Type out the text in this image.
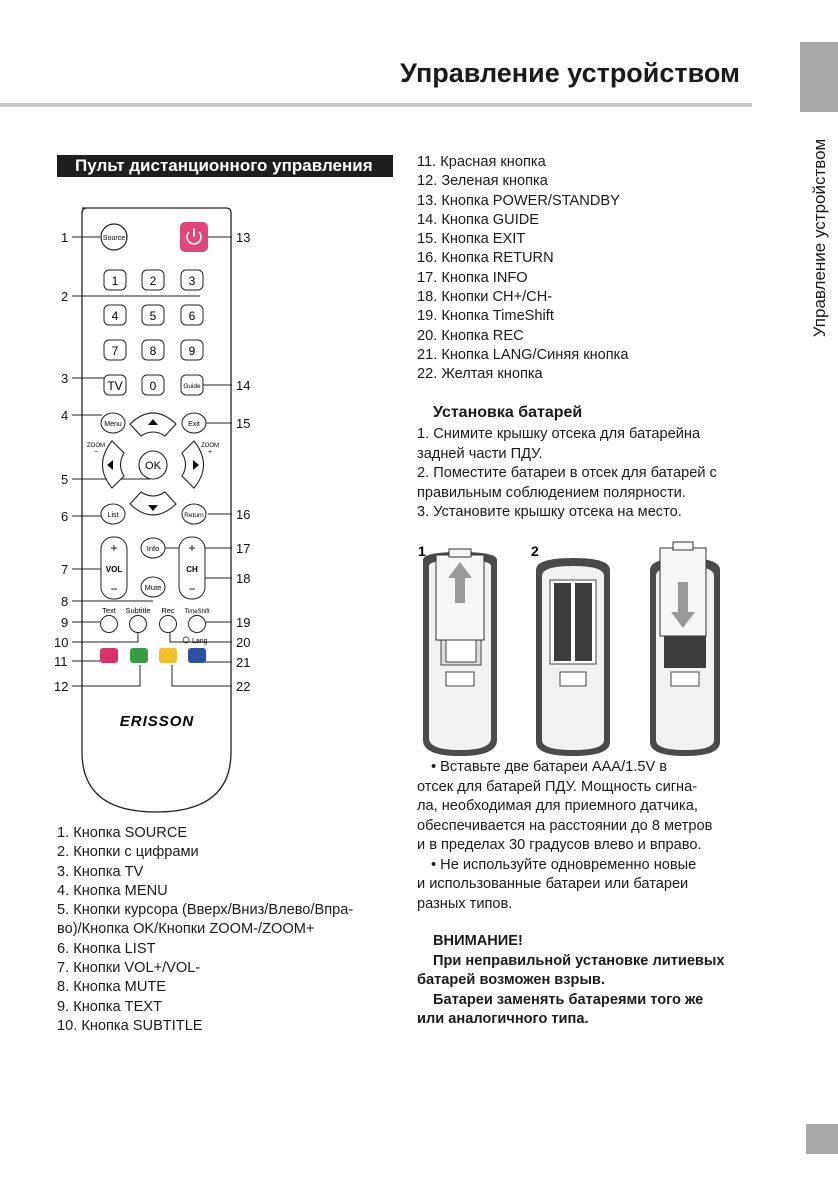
Управление устройством
Управление устройством
Пульт дистанционного управления
1
2
3
4
5
6
7
8
9
10
11
12
13
14
15
16
17
18
19
20
21
22
Source
1	2	3
4	5	6
7	8	9
TV 0	Guide
Menu	Exit
OK
ZOOM
−
ZOOM
+
List	Return
+
VOL
−
+
CH
−
Info
Mute
Text Subtitle Rec TimeShift
Lang
ERISSON
1. Кнопка SOURCE
2. Кнопки с цифрами
3. Кнопка TV
4. Кнопка MENU
5. Кнопки курсора (Вверх/Вниз/Влево/Впра-
во)/Кнопка OK/Кнопки ZOOM-/ZOOM+
6. Кнопка LIST
7. Кнопки VOL+/VOL-
8. Кнопка MUTE
9. Кнопка TEXT
10. Кнопка SUBTITLE
11. Красная кнопка
12. Зеленая кнопка
13. Кнопка POWER/STANDBY
14. Кнопка GUIDE
15. Кнопка EXIT
16. Кнопка RETURN
17. Кнопка INFO
18. Кнопки CH+/CH-
19. Кнопка TimeShift
20. Кнопка REC
21. Кнопка LANG/Синяя кнопка
22. Желтая кнопка
Установка батарей

1. Снимите крышку отсека для батарейна

задней части ПДУ.

2. Поместите батареи в отсек для батарей с

правильным соблюдением полярности.

3. Установите крышку отсека на место.

1	2

• Вставьте две батареи AAA/1.5V в

отсек для батарей ПДУ. Мощность сигна-

ла, необходимая для приемного датчика,

обеспечивается на расстоянии до 8 метров

и в пределах 30 градусов влево и вправо.

• Не используйте одновременно новые

и использованные батареи или батареи

разных типов.

ВНИМАНИЕ!

При неправильной установке литиевых

батарей возможен взрыв.

Батареи заменять батареями того же

или аналогичного типа.
